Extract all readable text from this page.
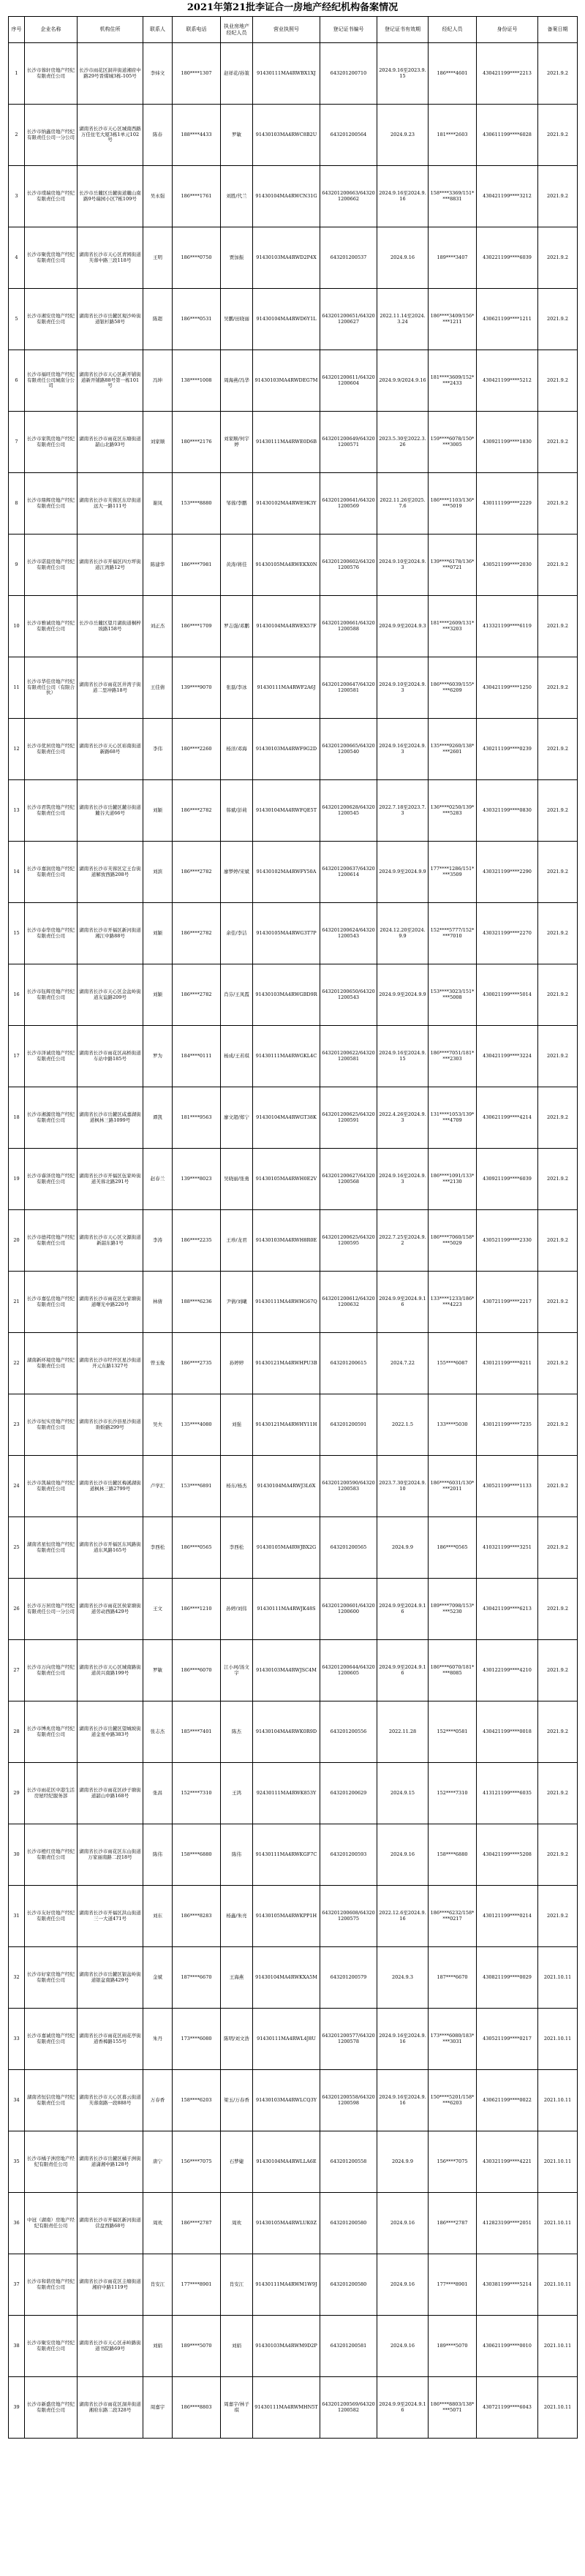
2021年第21批李证合一房地产经纪机构备案情况
序号	企业名称	机构住所	联系人	联系电话	执业房地产经纪人员	营业执照号	登记证书编号	登记证书有效期	经纪人员	身份证号	备案日期
1	长沙市蓉轩房地产经纪有限责任公司	长沙市雨花区洞井街道湘府中路29号晋煤城3栋-105号	李炜文	180****1307	赵祥花/孙策	91430111MA4RWBX1XJ	643201200710	2024.9.16至2023.9.15	186****4601	430421199****2213	2021.9.2
2	长沙市纳鑫房地产经纪有限责任公司一分公司	湖南省长沙市天心区城南西路万佳住宅大厦3栋1单元102号	陈春	188****4433	罗敏	91430103MA4RWC8B2U	643201200564	2024.9.23	181****2603	430611199****6028	2021.9.2
3	长沙市璞瑞房地产经纪有限责任公司	长沙市岳麓区岳麓街道麓山南路9号瑞园小区7栋109号	吴永强	186****1761	刘胜/代兰	91430104MA4RWCN31G	643201200663/643201200662	2024.9.16至2024.9.16	158****3369/151****8831	430421199****3212	2021.9.2
4	长沙市聚优房地产经纪有限责任公司	湖南省长沙市天心区青园街道芙蓉中路三段118号	王明	186****0750	贾加振	91430103MA4RWD2P4X	643201200537	2024.9.16	189****3407	430221199****6039	2021.9.2
5	长沙市湘安房地产经纪有限责任公司	湖南省长沙市岳麓区观沙岭街道银杉路58号	陈超	186****0531	吴鹏/田晓丽	91430104MA4RWD6Y1L	643201200651/643201200627	2022.11.14至2024.3.24	186****3409/156****1211	430621199****1211	2021.9.2
6	长沙市福旺房地产经纪有限责任公司城南分公司	湖南省长沙市天心区新开铺街道新开铺路88号第一栋101号	冯坤	138****1008	周海燕/冯华	91430103MA4RWDEG7M	643201200611/643201200604	2024.9.9/2024.9.16	181****3609/152****2433	430421199****5212	2021.9.2
7	长沙市家筑房地产经纪有限责任公司	湖南省长沙市雨花区东塘街道韶山北路93号	刘家顺	180****2176	刘家顺/何宇婷	91430111MA4RWE0D6B	643201200649/643201200571	2023.5.30至2022.3.26	159****6078/150****3005	430921199****1830	2021.9.2
8	长沙市鼎辉房地产经纪有限责任公司	湖南省长沙市芙蓉区东岸街道远大一路111号	谢凤	153****8880	邹蓉/李鹏	91430102MA4RWE9K3Y	643201200641/643201200569	2022.11.26至2025.7.6	186****1103/136****5019	430111199****2229	2021.9.2
9	长沙市诺晨房地产经纪有限责任公司	湖南省长沙市开福区四方坪街道江湾路12号	陈建华	186****7981	黄涛/蒋佳	91430105MA4RWEKX0N	643201200602/643201200576	2024.9.10至2024.9.3	139****6178/136****0721	430521199****2030	2021.9.2
10	长沙市雅诚房地产经纪有限责任公司	长沙市岳麓区望月湖街道桐梓坡路158号	刘正杰	186****1709	罗志强/邓鹏	91430104MA4RWEX57F	643201200661/643201200588	2024.9.9至2024.9.3	181****2609/131****3203	413321199****6119	2021.9.2
11	长沙市华佳房地产经纪有限责任公司（有限合伙）	湖南省长沙市雨花区井湾子街道二里冲路18号	王佳倩	139****9070	张磊/李冰	91430111MA4RWF2A6J	643201200647/643201200581	2024.9.10至2024.9.3	186****6039/155****6209	430421199****1250	2021.9.2
12	长沙市优居房地产经纪有限责任公司	湖南省长沙市天心区裕南街道新路68号	李伟	180****2260	杨洋/邓海	91430103MA4RWF9G2D	643201200665/643201200540	2024.9.16至2024.9.3	135****9260/138****2601	430211199****0239	2021.9.2
13	长沙市君筑房地产经纪有限责任公司	湖南省长沙市岳麓区麓谷街道麓谷大道66号	刘颖	186****2782	韩斌/彭莉	91430104MA4RWFQE5T	643201200628/643201200545	2022.7.18至2023.7.3	136****0250/139****5283	430321199****0830	2021.9.2
14	长沙市嘉润房地产经纪有限责任公司	湖南省长沙市芙蓉区定王台街道解放西路208号	刘滨	186****2782	廖梦婷/宋斌	91430102MA4RWFY50A	643201200637/643201200614	2024.9.9至2024.9.9	177****1286/151****3509	430321199****2290	2021.9.2
15	长沙市泰华房地产经纪有限责任公司	湖南省长沙市开福区新河街道湘江中路88号	刘颖	186****2782	余佳/李洁	91430105MA4RWG3T7P	643201200624/643201200543	2024.12.20至2024.9.9	152****5777/152****7010	430321199****2270	2021.9.2
16	长沙市钰辉房地产经纪有限责任公司	湖南省长沙市天心区金盆岭街道友谊路209号	刘颖	186****2782	肖芬/王凤霞	91430103MA4RWGBD9R	643201200650/643201200543	2024.9.9至2024.9.9	153****3023/151****5008	430021199****5014	2021.9.2
17	长沙市泽诚房地产经纪有限责任公司	湖南省长沙市雨花区高桥街道车站中路185号	罗为	184****0111	杨成/王若琪	91430111MA4RWGKL4C	643201200622/643201200581	2024.9.16至2024.9.15	186****7051/181****2303	430421199****3224	2021.9.2
18	长沙市湘源房地产经纪有限责任公司	湖南省长沙市岳麓区咸嘉湖街道枫林三路1099号	谭凯	181****9563	廖文超/郑宁	91430104MA4RWGT38K	643201200625/643201200591	2022.4.26至2024.9.3	131****1053/139****4709	430621199****4214	2021.9.2
19	长沙市睿泽房地产经纪有限责任公司	湖南省长沙市开福区伍家岭街道芙蓉北路291号	赵春兰	139****8023	吴晓丽/张勇	91430105MA4RWH0E2V	643201200627/643201200568	2024.9.16至2024.9.3	186****1091/133****2130	430921199****6039	2021.9.2
20	长沙市德邦房地产经纪有限责任公司	湖南省长沙市天心区文源街道新韶东路1号	李涛	186****2235	王珍/龙君	91430103MA4RWH8R0E	643201200625/643201200595	2022.7.25至2024.9.2	186****7060/158****5029	430521199****2330	2021.9.2
21	长沙市嘉弘房地产经纪有限责任公司	湖南省长沙市雨花区左家塘街道曙光中路220号	林倩	188****6236	尹倩/刘曦	91430111MA4RWHG67Q	643201200612/643201200632	2024.9.9至2024.9.16	133****1233/186****4223	430721199****2217	2021.9.2
22	湖南新环境房地产经纪有限责任公司	湖南省长沙市经开区星沙街道开元东路1327号	曾玉俊	186****2735	孙婷婷	91430121MA4RWHPU3B	643201200615	2024.7.22	155****6087	430121199****0211	2021.9.2
23	长沙市恒实房地产经纪有限责任公司	湖南省长沙市长沙县星沙街道盼盼路299号	吴夫	135****4080	刘强	91430121MA4RWHY11H	643201200591	2022.1.5	133****5030	430121199****7235	2021.9.2
24	长沙市凯瑞房地产经纪有限责任公司	湖南省长沙市岳麓区梅溪湖街道枫林三路2799号	卢学汇	153****6891	杨东/杨杰	91430104MA4RWJ3L6X	643201200590/643201200583	2023.7.30至2024.9.10	186****6031/130****2011	430521199****1133	2021.9.2
25	湖南省星恒房地产经纪有限责任公司	湖南省长沙市开福区东风路街道东风路165号	李西松	186****0565	李西松	91430105MA4RWJBX2G	643201200565	2024.9.9	186****0565	410321199****3251	2021.9.2
26	长沙市万居房地产经纪有限责任公司一分公司	湖南省长沙市雨花区侯家塘街道劳动西路429号	王文	186****1210	孙婷/刘伟	91430111MA4RWJK48S	643201200601/643201200600	2024.9.9至2024.9.16	189****7098/153****5230	430421199****6213	2021.9.2
27	长沙市万向房地产经纪有限责任公司	湖南省长沙市天心区城南路街道黄兴南路199号	罗敏	186****6070	江小珂/汤文宇	91430103MA4RWJSC4M	643201200644/643201200605	2024.9.9至2024.9.16	186****6070/181****8085	430122199****4210	2021.9.2
28	长沙市博兆房地产经纪有限责任公司	湖南省长沙市岳麓区望城坡街道金星中路383号	张志杰	185****7401	陈杰	91430104MA4RWK0R9D	643201200556	2022.11.28	152****0581	430421199****0018	2021.9.2
29	长沙市雨花区中港生活房屋经纪服务部	湖南省长沙市雨花区砂子塘街道韶山中路168号	张昌	152****7310	王鸿	92430111MA4RWK853Y	643201200629	2024.9.15	152****7310	413121199****6035	2021.9.2
30	长沙市橙红房地产经纪有限责任公司	湖南省长沙市雨花区东山街道万家丽南路二段18号	陈伟	158****6880	陈伟	91430111MA4RWKGF7C	643201200593	2024.9.16	158****6880	430421199****5208	2021.9.2
31	长沙市友好房地产经纪有限责任公司	湖南省长沙市开福区洪山街道三一大道471号	刘东	186****8283	杨鑫/朱亮	91430105MA4RWKPP1H	643201200608/643201200575	2022.12.6至2024.9.16	186****6232/158****0217	430121199****0214	2021.9.2
32	长沙市好家房地产经纪有限责任公司	湖南省长沙市岳麓区银盆岭街道银盆南路429号	金斌	187****6670	王海燕	91430104MA4RWKXA5M	643201200579	2024.9.3	187****6670	430821199****0029	2021.10.11
33	长沙市嘉诚房地产经纪有限责任公司	湖南省长沙市雨花区雨花亭街道香樟路155号	朱丹	173****6080	陈明/刘文浩	91430111MA4RWL4J8U	643201200577/643201200578	2024.9.16至2024.9.16	173****6080/183****3031	430521199****0217	2021.10.11
34	湖南省恒信房地产经纪有限责任公司	湖南省长沙市天心区暮云街道芙蓉南路一段888号	万春香	158****6203	梁玉/万春香	91430103MA4RWLCQ3Y	643201200558/643201200598	2024.9.16至2024.9.16	150****5201/158****6203	430621199****0022	2021.10.11
35	长沙市橘子洲房地产经纪有限责任公司	湖南省长沙市岳麓区橘子洲街道潇湘中路128号	唐宁	156****7075	石梦婕	91430104MA4RWLLA6E	643201200558	2024.9.9	156****7075	430321199****4221	2021.10.11
36	中冠（湖南）房地产经纪有限责任公司	湖南省长沙市开福区新河街道营盘西路68号	周欢	186****2787	周欢	91430105MA4RWLUK0Z	643201200580	2024.9.16	186****2787	412823199****2051	2021.10.11
37	长沙市和谐房地产经纪有限责任公司	湖南省长沙市雨花区圭塘街道湘府中路1119号	肖安江	177****8901	肖安江	91430111MA4RWM1W9J	643201200580	2024.9.16	177****8901	430381199****5214	2021.10.11
38	长沙市聚安房地产经纪有限责任公司	湖南省长沙市天心区赤岭路街道书院路69号	刘娟	189****5070	刘娟	91430103MA4RWM9D2P	643201200581	2024.9.16	189****5070	430621199****0010	2021.10.11
39	长沙市新盛房地产经纪有限责任公司	湖南省长沙市雨花区洞井街道湘府东路二段328号	周嘉宇	186****8803	周嘉宇/林子琪	91430111MA4RWMHN5T	643201200569/643201200582	2024.9.9至2024.9.16	186****8803/138****5071	430721199****6043	2021.10.11
